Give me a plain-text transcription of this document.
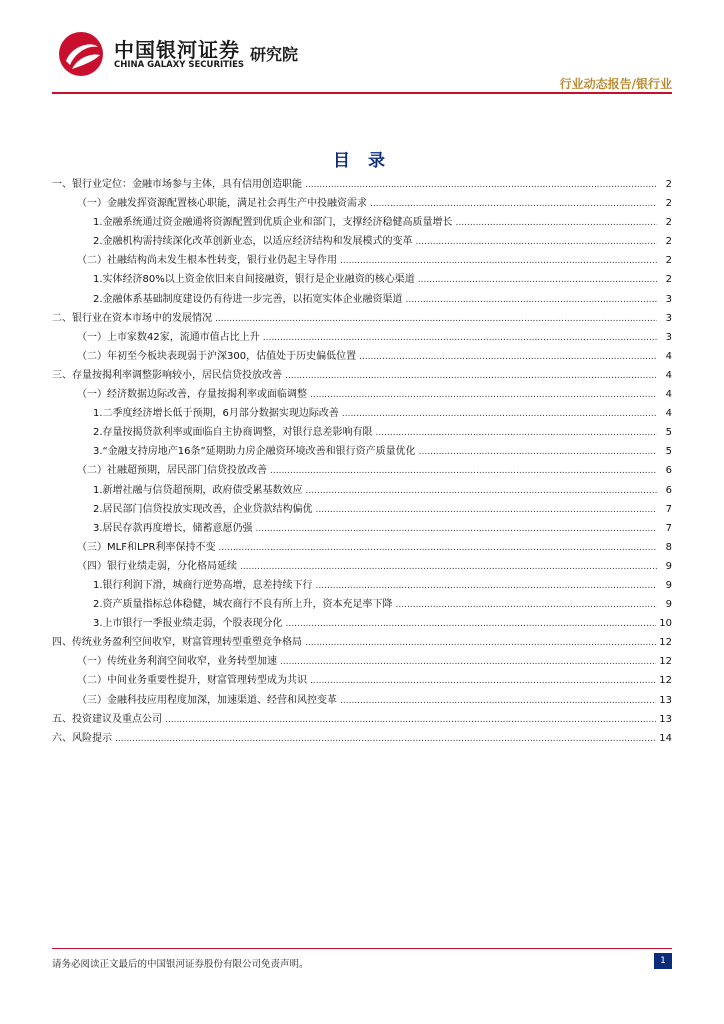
中国银河证券
CHINA GALAXY SECURITIES
研究院
行业动态报告/银行业
目 录
一、银行业定位：金融市场参与主体，具有信用创造职能 .....	2
（一）金融发挥资源配置核心职能，满足社会再生产中投融资需求 .....	2
1.金融系统通过资金融通将资源配置到优质企业和部门，支撑经济稳健高质量增长 .....	2
2.金融机构需持续深化改革创新业态，以适应经济结构和发展模式的变革 .....	2
（二）社融结构尚未发生根本性转变，银行业仍起主导作用 .....	2
1.实体经济80%以上资金依旧来自间接融资，银行是企业融资的核心渠道 .....	2
2.金融体系基础制度建设仍有待进一步完善，以拓宽实体企业融资渠道 .....	3
二、银行业在资本市场中的发展情况 .....	3
（一）上市家数42家，流通市值占比上升 .....	3
（二）年初至今板块表现弱于沪深300，估值处于历史偏低位置 .....	4
三、存量按揭利率调整影响较小，居民信贷投放改善 .....	4
（一）经济数据边际改善，存量按揭利率或面临调整 .....	4
1.二季度经济增长低于预期，6月部分数据实现边际改善 .....	4
2.存量按揭贷款利率或面临自主协商调整，对银行息差影响有限 .....	5
3.“金融支持房地产16条”延期助力房企融资环境改善和银行资产质量优化 .....	5
（二）社融超预期，居民部门信贷投放改善 .....	6
1.新增社融与信贷超预期，政府债受累基数效应 .....	6
2.居民部门信贷投放实现改善，企业贷款结构偏优 .....	7
3.居民存款再度增长，储蓄意愿仍强 .....	7
（三）MLF和LPR利率保持不变 .....	8
（四）银行业绩走弱，分化格局延续 .....	9
1.银行利润下滑，城商行逆势高增，息差持续下行 .....	9
2.资产质量指标总体稳健，城农商行不良有所上升，资本充足率下降 .....	9
3.上市银行一季报业绩走弱，个股表现分化 .....	10
四、传统业务盈利空间收窄，财富管理转型重塑竞争格局 .....	12
（一）传统业务利润空间收窄，业务转型加速 .....	12
（二）中间业务重要性提升，财富管理转型成为共识 .....	12
（三）金融科技应用程度加深，加速渠道、经营和风控变革 .....	13
五、投资建议及重点公司 .....	13
六、风险提示 .....	14
请务必阅读正文最后的中国银河证券股份有限公司免责声明。	1
